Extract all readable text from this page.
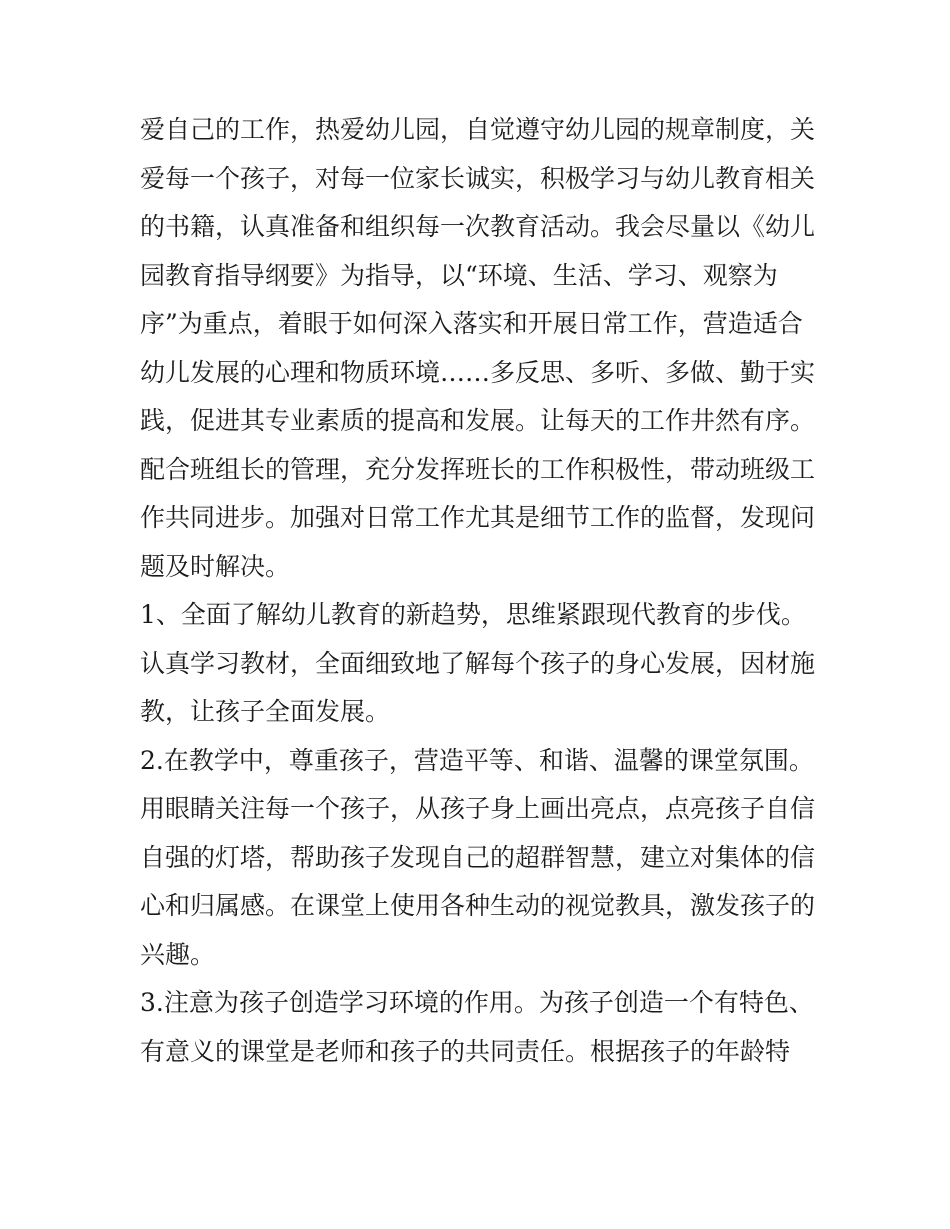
爱自己的工作，热爱幼儿园，自觉遵守幼儿园的规章制度，关
爱每一个孩子，对每一位家长诚实，积极学习与幼儿教育相关
的书籍，认真准备和组织每一次教育活动。我会尽量以《幼儿
园教育指导纲要》为指导，以“环境、生活、学习、观察为
序”为重点，着眼于如何深入落实和开展日常工作，营造适合
幼儿发展的心理和物质环境……多反思、多听、多做、勤于实
践，促进其专业素质的提高和发展。让每天的工作井然有序。
配合班组长的管理，充分发挥班长的工作积极性，带动班级工
作共同进步。加强对日常工作尤其是细节工作的监督，发现问
题及时解决。
1、全面了解幼儿教育的新趋势，思维紧跟现代教育的步伐。
认真学习教材，全面细致地了解每个孩子的身心发展，因材施
教，让孩子全面发展。
2.在教学中，尊重孩子，营造平等、和谐、温馨的课堂氛围。
用眼睛关注每一个孩子，从孩子身上画出亮点，点亮孩子自信
自强的灯塔，帮助孩子发现自己的超群智慧，建立对集体的信
心和归属感。在课堂上使用各种生动的视觉教具，激发孩子的
兴趣。
3.注意为孩子创造学习环境的作用。为孩子创造一个有特色、
有意义的课堂是老师和孩子的共同责任。根据孩子的年龄特
